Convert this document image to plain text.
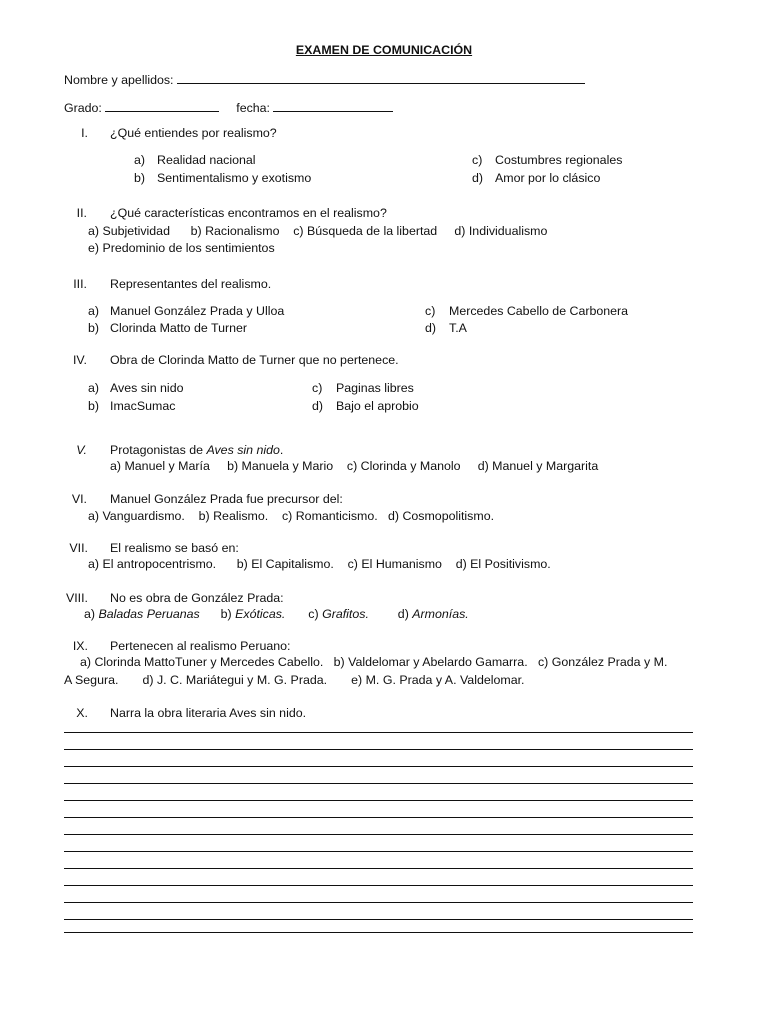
EXAMEN DE COMUNICACIÓN
Nombre y apellidos:
Grado:	fecha:
I. ¿Qué entiendes por realismo?
a) Realidad nacional
b) Sentimentalismo y exotismo
c) Costumbres regionales
d) Amor por lo clásico
II. ¿Qué características encontramos en el realismo?
a) Subjetividad      b) Racionalismo    c) Búsqueda de la libertad     d) Individualismo
e) Predominio de los sentimientos
III. Representantes del realismo.
a) Manuel González Prada y Ulloa
b) Clorinda Matto de Turner
c) Mercedes Cabello de Carbonera
d) T.A
IV. Obra de Clorinda Matto de Turner que no pertenece.
a) Aves sin nido
b) ImacSumac
c) Paginas libres
d) Bajo el aprobio
V. Protagonistas de Aves sin nido.
a) Manuel y María     b) Manuela y Mario    c) Clorinda y Manolo     d) Manuel y Margarita
VI. Manuel González Prada fue precursor del:
a) Vanguardismo.    b) Realismo.    c) Romanticismo.   d) Cosmopolitismo.
VII. El realismo se basó en:
a) El antropocentrismo.      b) El Capitalismo.    c) El Humanismo    d) El Positivismo.
VIII. No es obra de González Prada:
a) Baladas Peruanas b) Exóticas. c) Grafitos. d) Armonías.
IX. Pertenecen al realismo Peruano:
a) Clorinda MattoTuner y Mercedes Cabello.   b) Valdelomar y Abelardo Gamarra.   c) González Prada y M.
A Segura.       d) J. C. Mariátegui y M. G. Prada.       e) M. G. Prada y A. Valdelomar.
X. Narra la obra literaria Aves sin nido.
